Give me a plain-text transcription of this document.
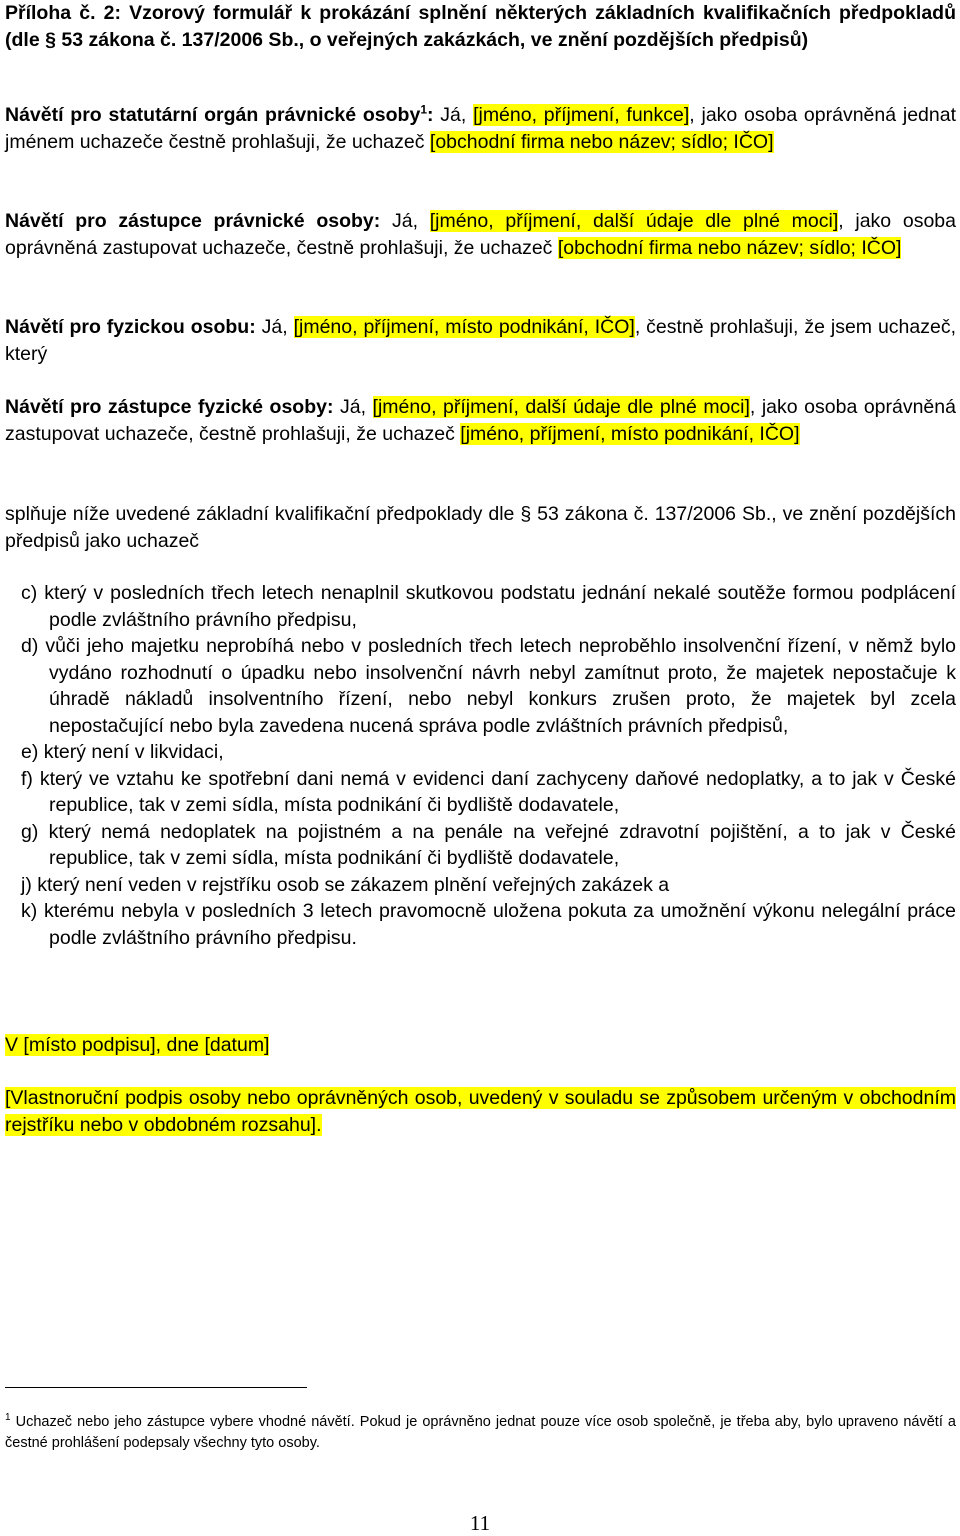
Příloha č. 2: Vzorový formulář k prokázání splnění některých základních kvalifikačních předpokladů (dle § 53 zákona č. 137/2006 Sb., o veřejných zakázkách, ve znění pozdějších předpisů)

Návětí pro statutární orgán právnické osoby$^1$: Já, [jméno, příjmení, funkce], jako osoba oprávněná jednat jménem uchazeče čestně prohlašuji, že uchazeč [obchodní firma nebo název; sídlo; IČO]

Návětí pro zástupce právnické osoby: Já, [jméno, příjmení, další údaje dle plné moci], jako osoba oprávněná zastupovat uchazeče, čestně prohlašuji, že uchazeč [obchodní firma nebo název; sídlo; IČO]

Návětí pro fyzickou osobu: Já, [jméno, příjmení, místo podnikání, IČO], čestně prohlašuji, že jsem uchazeč, který

Návětí pro zástupce fyzické osoby: Já, [jméno, příjmení, další údaje dle plné moci], jako osoba oprávněná zastupovat uchazeče, čestně prohlašuji, že uchazeč [jméno, příjmení, místo podnikání, IČO]

splňuje níže uvedené základní kvalifikační předpoklady dle § 53 zákona č. 137/2006 Sb., ve znění pozdějších předpisů jako uchazeč

c) který v posledních třech letech nenaplnil skutkovou podstatu jednání nekalé soutěže formou podplácení podle zvláštního právního předpisu,
d) vůči jeho majetku neprobíhá nebo v posledních třech letech neproběhlo insolvenční řízení, v němž bylo vydáno rozhodnutí o úpadku nebo insolvenční návrh nebyl zamítnut proto, že majetek nepostačuje k úhradě nákladů insolventního řízení, nebo nebyl konkurs zrušen proto, že majetek byl zcela nepostačující nebo byla zavedena nucená správa podle zvláštních právních předpisů,
e) který není v likvidaci,
f) který ve vztahu ke spotřební dani nemá v evidenci daní zachyceny daňové nedoplatky, a to jak v České republice, tak v zemi sídla, místa podnikání či bydliště dodavatele,
g) který nemá nedoplatek na pojistném a na penále na veřejné zdravotní pojištění, a to jak v České republice, tak v zemi sídla, místa podnikání či bydliště dodavatele,
j) který není veden v rejstříku osob se zákazem plnění veřejných zakázek a
k) kterému nebyla v posledních 3 letech pravomocně uložena pokuta za umožnění výkonu nelegální práce podle zvláštního právního předpisu.

V [místo podpisu], dne [datum]

[Vlastnoruční podpis osoby nebo oprávněných osob, uvedený v souladu se způsobem určeným v obchodním rejstříku nebo v obdobném rozsahu].

$^1$ Uchazeč nebo jeho zástupce vybere vhodné návětí. Pokud je oprávněno jednat pouze více osob společně, je třeba aby, bylo upraveno návětí a čestné prohlášení podepsaly všechny tyto osoby.

11
